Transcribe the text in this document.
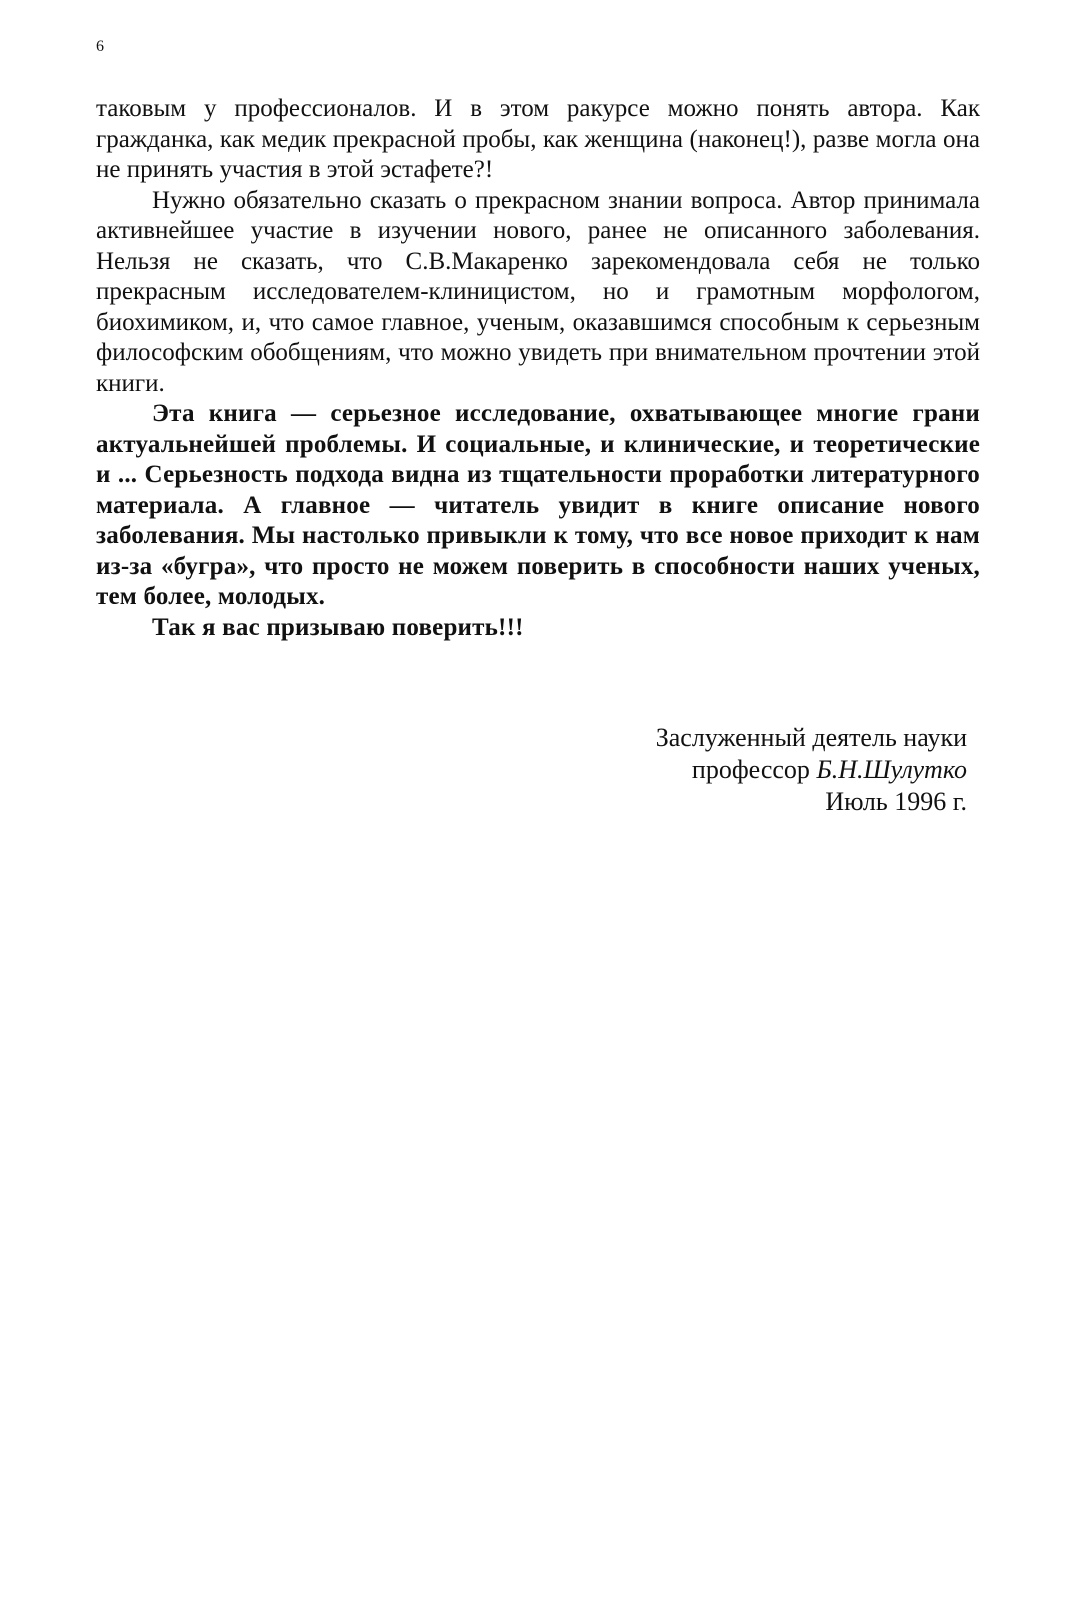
6

таковым у профессионалов. И в этом ракурсе можно понять автора. Как гражданка, как медик прекрасной пробы, как женщина (наконец!), разве могла она не принять участия в этой эстафете?!

Нужно обязательно сказать о прекрасном знании вопроса. Автор принимала активнейшее участие в изучении нового, ранее не описанного заболевания. Нельзя не сказать, что С.В.Макаренко зарекомендовала себя не только прекрасным исследователем-клиницистом, но и грамотным морфологом, биохимиком, и, что самое главное, ученым, оказавшимся способным к серьезным философским обобщениям, что можно увидеть при внимательном прочтении этой книги.

Эта книга — серьезное исследование, охватывающее многие грани актуальнейшей проблемы. И социальные, и клинические, и теоретические и ... Серьезность подхода видна из тщательности проработки литературного материала. А главное — читатель увидит в книге описание нового заболевания. Мы настолько привыкли к тому, что все новое приходит к нам из-за «бугра», что просто не можем поверить в способности наших ученых, тем более, молодых.

Так я вас призываю поверить!!!

Заслуженный деятель науки
профессор Б.Н.Шулутко
Июль 1996 г.
